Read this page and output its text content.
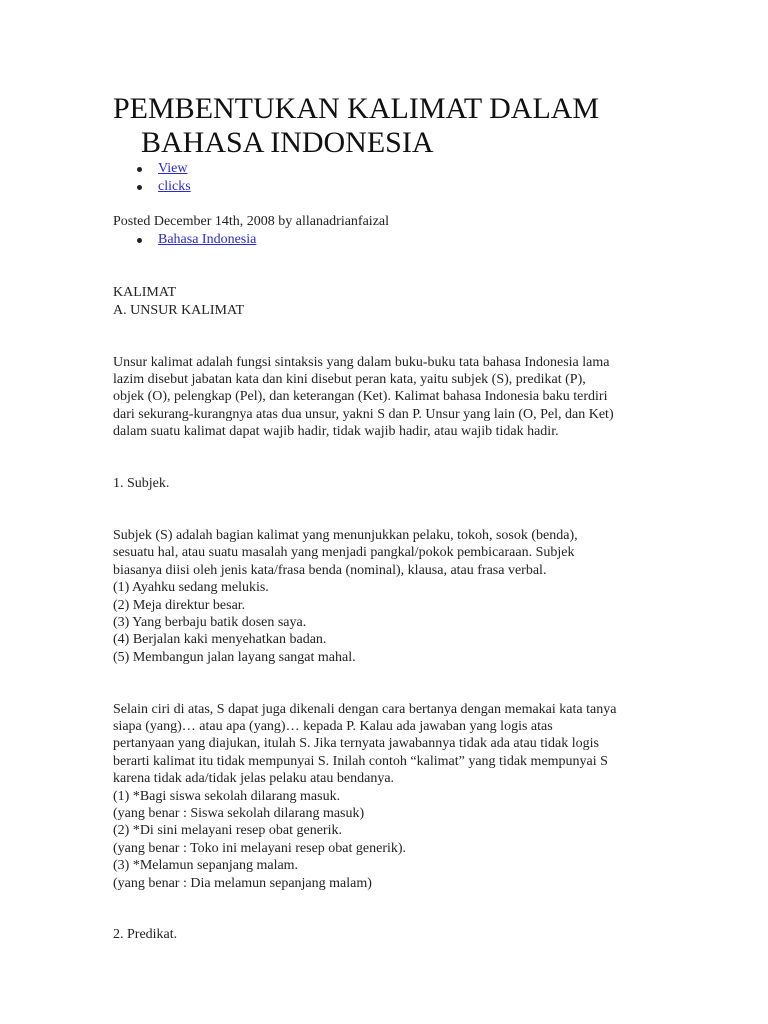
PEMBENTUKAN KALIMAT DALAM
BAHASA INDONESIA
View
clicks
Posted December 14th, 2008 by allanadrianfaizal
Bahasa Indonesia

KALIMAT
A. UNSUR KALIMAT

Unsur kalimat adalah fungsi sintaksis yang dalam buku-buku tata bahasa Indonesia lama
lazim disebut jabatan kata dan kini disebut peran kata, yaitu subjek (S), predikat (P),
objek (O), pelengkap (Pel), dan keterangan (Ket). Kalimat bahasa Indonesia baku terdiri
dari sekurang-kurangnya atas dua unsur, yakni S dan P. Unsur yang lain (O, Pel, dan Ket)
dalam suatu kalimat dapat wajib hadir, tidak wajib hadir, atau wajib tidak hadir.

1. Subjek.

Subjek (S) adalah bagian kalimat yang menunjukkan pelaku, tokoh, sosok (benda),
sesuatu hal, atau suatu masalah yang menjadi pangkal/pokok pembicaraan. Subjek
biasanya diisi oleh jenis kata/frasa benda (nominal), klausa, atau frasa verbal.
(1) Ayahku sedang melukis.
(2) Meja direktur besar.
(3) Yang berbaju batik dosen saya.
(4) Berjalan kaki menyehatkan badan.
(5) Membangun jalan layang sangat mahal.

Selain ciri di atas, S dapat juga dikenali dengan cara bertanya dengan memakai kata tanya
siapa (yang)… atau apa (yang)… kepada P. Kalau ada jawaban yang logis atas
pertanyaan yang diajukan, itulah S. Jika ternyata jawabannya tidak ada atau tidak logis
berarti kalimat itu tidak mempunyai S. Inilah contoh “kalimat” yang tidak mempunyai S
karena tidak ada/tidak jelas pelaku atau bendanya.
(1) *Bagi siswa sekolah dilarang masuk.
(yang benar : Siswa sekolah dilarang masuk)
(2) *Di sini melayani resep obat generik.
(yang benar : Toko ini melayani resep obat generik).
(3) *Melamun sepanjang malam.
(yang benar : Dia melamun sepanjang malam)

2. Predikat.
